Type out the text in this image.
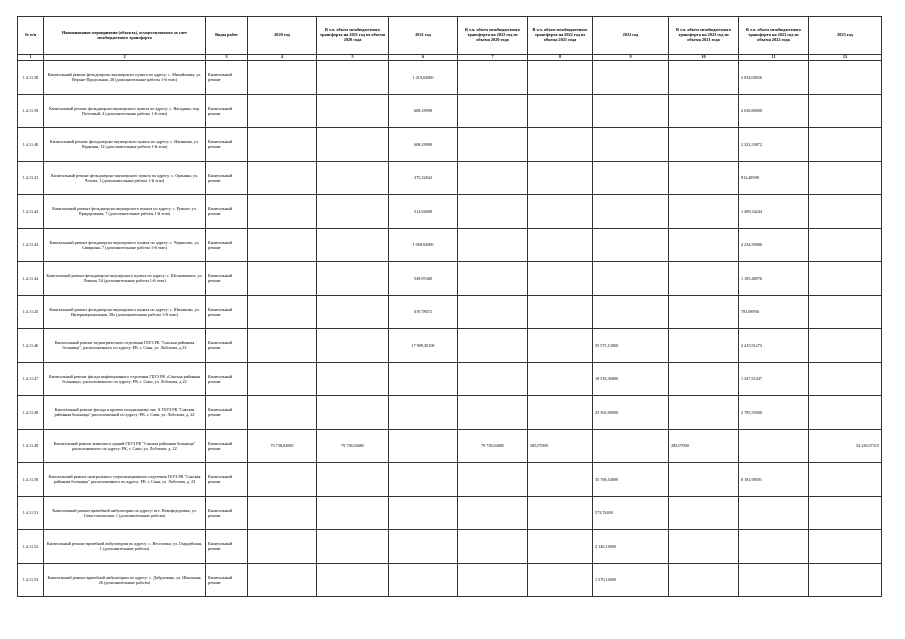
№ п/п	Наименование мероприятия (объекта), осуществляемого за счет межбюджетного трансферта	Виды работ	2020 год	В т.ч. объем межбюджетного трансферта на 2021 год из объема 2020 года	2021 год	В т.ч. объем межбюджетного трансферта на 2022 год из объема 2020 года	В т.ч. объем межбюджетного трансферта на 2022 год из объема 2021 года	2022 год	В т.ч. объем межбюджетного трансферта на 2023 год из объема 2021 года	В т.ч. объем межбюджетного трансферта на 2023 год из объема 2022 года	2023 год
1	2	3	4	5	6	7	8	9	10	11	12
1.4.11.38	Капитальный ремонт фельдшерско-акушерского пункта по адресу: с. Михайловка, ул. Верхне-Продольная, 28 (дополнительные работы 1-й этап)	Капитальный ремонт			1 419,04000					2 054,04926	
1.4.11.39	Капитальный ремонт фельдшерско-акушерского пункта по адресу: с. Нагадкин, пер. Почтовый, 4 (дополнительные работы 1-й этап)	Капитальный ремонт			608,18998					2 638,80000	
1.4.11.40	Капитальный ремонт фельдшерско-акушерского пункта по адресу: с. Нагинино, ул. Парковая, 12 (дополнительные работы 1-й этап)	Капитальный ремонт			608,18998					2 323,33872	
1.4.11.41	Капитальный ремонт фельдшерско-акушерского пункта по адресу: с. Оранина, ул. Чехова, 1 (дополнительные работы 1-й этап)	Капитальный ремонт			375,32844					812,48598	
1.4.11.42	Капитальный ремонт фельдшерско-акушерского пункта по адресу: с. Рунное, ул. Придорожная, 7 (дополнительные работы 1-й этап)	Капитальный ремонт			512,94608					1 499,54244	
1.4.11.43	Капитальный ремонт фельдшерско-акушерского пункта по адресу: с. Черкасово, ул. Сивирина, 7 (дополнительные работы 1-й этап)	Капитальный ремонт			1 068,82000					4 234,59086	
1.4.11.44	Капитальный ремонт фельдшерско-акушерского пункта по адресу: с. Шелковичное, ул. Ленина, 54 (дополнительные работы 1-й этап)	Капитальный ремонт			549,95368					1 185,46976	
1.4.11.45	Капитальный ремонт фельдшерско-акушерского пункта по адресу: с. Шиханово, ул. Интернациональная, 38а (дополнительные работы 1-й этап)	Капитальный ремонт			619,78072					781,68956	
1.4.11.46	Капитальный ремонт педиатрического отделения ГБУЗ РК "Сакская районная больница", расположенного по адресу: РК, г. Саки, ул. Лобозова, д.22	Капитальный ремонт			17 909,30100			35 575,13800		2 415,91273	
1.4.11.47	Капитальный ремонт фасада инфекционного отделения ГБУЗ РК «Сакская районная больница», расположенного по адресу: РК, г. Саки, ул. Лобозова, д.22	Капитальный ремонт						18 518,36800		1 347,51447	
1.4.11.48	Капитальный ремонт фасада и кровли холодильника лит. А ГБУЗ РК "Сакская районная больница" расположенной по адресу: РК, г. Саки, ул. Лобозова, д. 22	Капитальный ремонт						23 365,90000		2 785,55000	
1.4.11.49	Капитальный ремонт комплекса зданий ГБУЗ РК "Сакская районная больница" расположенного по адресу: РК, г. Саки, ул. Лобозова, д. 22	Капитальный ремонт	79 738,04685	79 738,04685		79 738,04685	285,07000		285,07000		54 236,07315
1.4.11.50	Капитальный ремонт центрального стерилизационного отделения ГБУЗ РК "Сакская районная больница" расположенного по адресу: РК, г. Саки, ул. Лобозова, д. 22	Капитальный ремонт						35 768,54800		8 181,98581	
1.4.11.51	Капитальный ремонт врачебной амбулатории по адресу: пгт. Новофедоровка, ул. Севастопольская, 1 (дополнительные работы)	Капитальный ремонт						573,74400			
1.4.11.52	Капитальный ремонт врачебной амбулатории по адресу: с. Веселовка, ул. Гвардейская, 1 (дополнительные работы)	Капитальный ремонт						2 140,14900			
1.4.11.53	Капитальный ремонт врачебной амбулатории по адресу: с. Добрушино, ул. Школьная, 26 (дополнительные работы)	Капитальный ремонт						1 570,14000			
